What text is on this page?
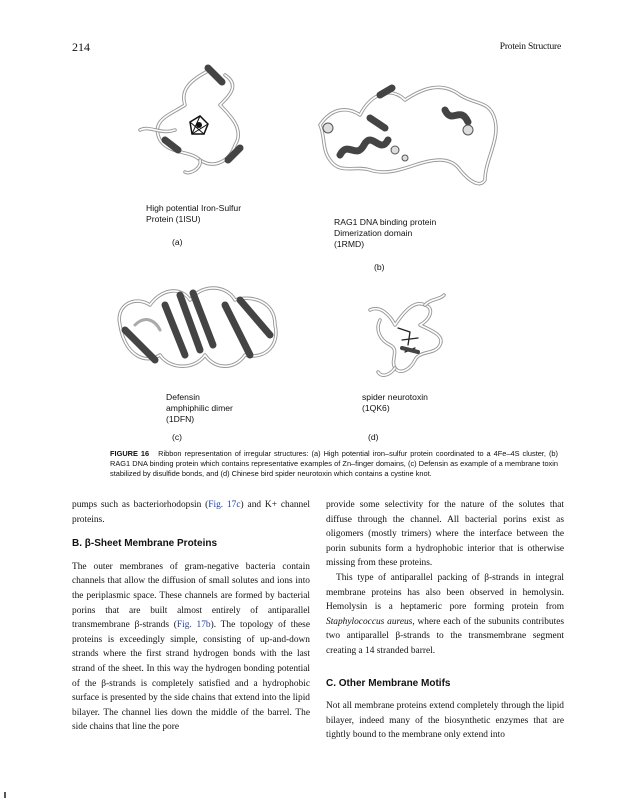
214	Protein Structure
High potential Iron-Sulfur
Protein (1ISU)
(a)
RAG1 DNA binding protein
Dimerization domain
(1RMD)
(b)
Defensin
amphiphilic dimer
(1DFN)
(c)
spider neurotoxin
(1QK6)
(d)
FIGURE 16 Ribbon representation of irregular structures: (a) High potential iron–sulfur protein coordinated to a 4Fe–4S cluster, (b) RAG1 DNA binding protein which contains representative examples of Zn–finger domains, (c) Defensin as example of a membrane toxin stabilized by disulfide bonds, and (d) Chinese bird spider neurotoxin which contains a cystine knot.

pumps such as bacteriorhodopsin (Fig. 17c) and K+ channel proteins.

B. β-Sheet Membrane Proteins

The outer membranes of gram-negative bacteria contain channels that allow the diffusion of small solutes and ions into the periplasmic space. These channels are formed by bacterial porins that are built almost entirely of antiparallel transmembrane β-strands (Fig. 17b). The topology of these proteins is exceedingly simple, consisting of up-and-down strands where the first strand hydrogen bonds with the last strand of the sheet. In this way the hydrogen bonding potential of the β-strands is completely satisfied and a hydrophobic surface is presented by the side chains that extend into the lipid bilayer. The channel lies down the middle of the barrel. The side chains that line the pore

provide some selectivity for the nature of the solutes that diffuse through the channel. All bacterial porins exist as oligomers (mostly trimers) where the interface between the porin subunits form a hydrophobic interior that is otherwise missing from these proteins.

This type of antiparallel packing of β-strands in integral membrane proteins has also been observed in hemolysin. Hemolysin is a heptameric pore forming protein from Staphylococcus aureus, where each of the subunits contributes two antiparallel β-strands to the transmembrane segment creating a 14 stranded barrel.

C. Other Membrane Motifs

Not all membrane proteins extend completely through the lipid bilayer, indeed many of the biosynthetic enzymes that are tightly bound to the membrane only extend into
